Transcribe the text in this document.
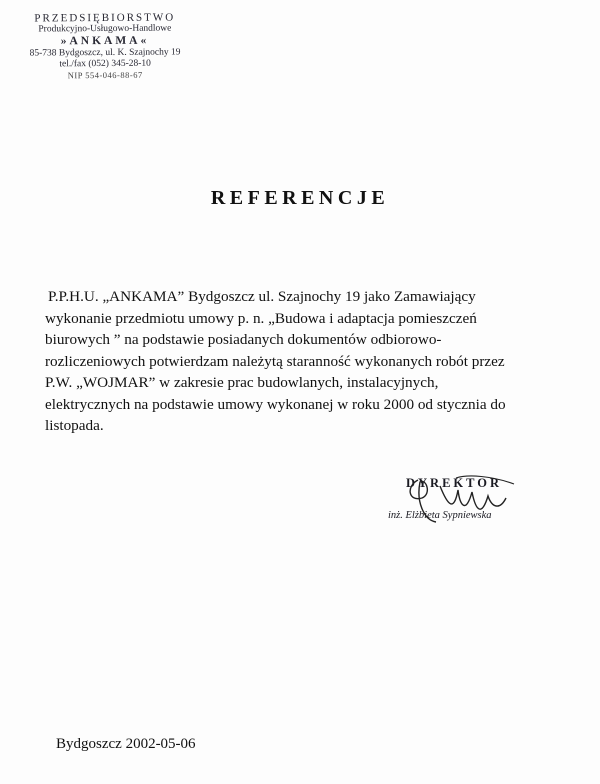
PRZEDSIĘBIORSTWO
Produkcyjno-Usługowo-Handlowe
»ANKAMA«
85-738 Bydgoszcz, ul. K. Szajnochy 19
tel./fax (052) 345-28-10
NIP 554-046-88-67
REFERENCJE
P.P.H.U. „ANKAMA” Bydgoszcz ul. Szajnochy 19 jako Zamawiający
wykonanie przedmiotu umowy p. n. „Budowa i adaptacja pomieszczeń
biurowych ” na podstawie posiadanych dokumentów odbiorowo-
rozliczeniowych potwierdzam należytą staranność wykonanych robót przez
P.W. „WOJMAR” w zakresie prac budowlanych, instalacyjnych,
elektrycznych na podstawie umowy wykonanej w roku 2000 od stycznia do
listopada.
DYREKTOR
inż. Elżbieta Sypniewska
Bydgoszcz 2002-05-06
